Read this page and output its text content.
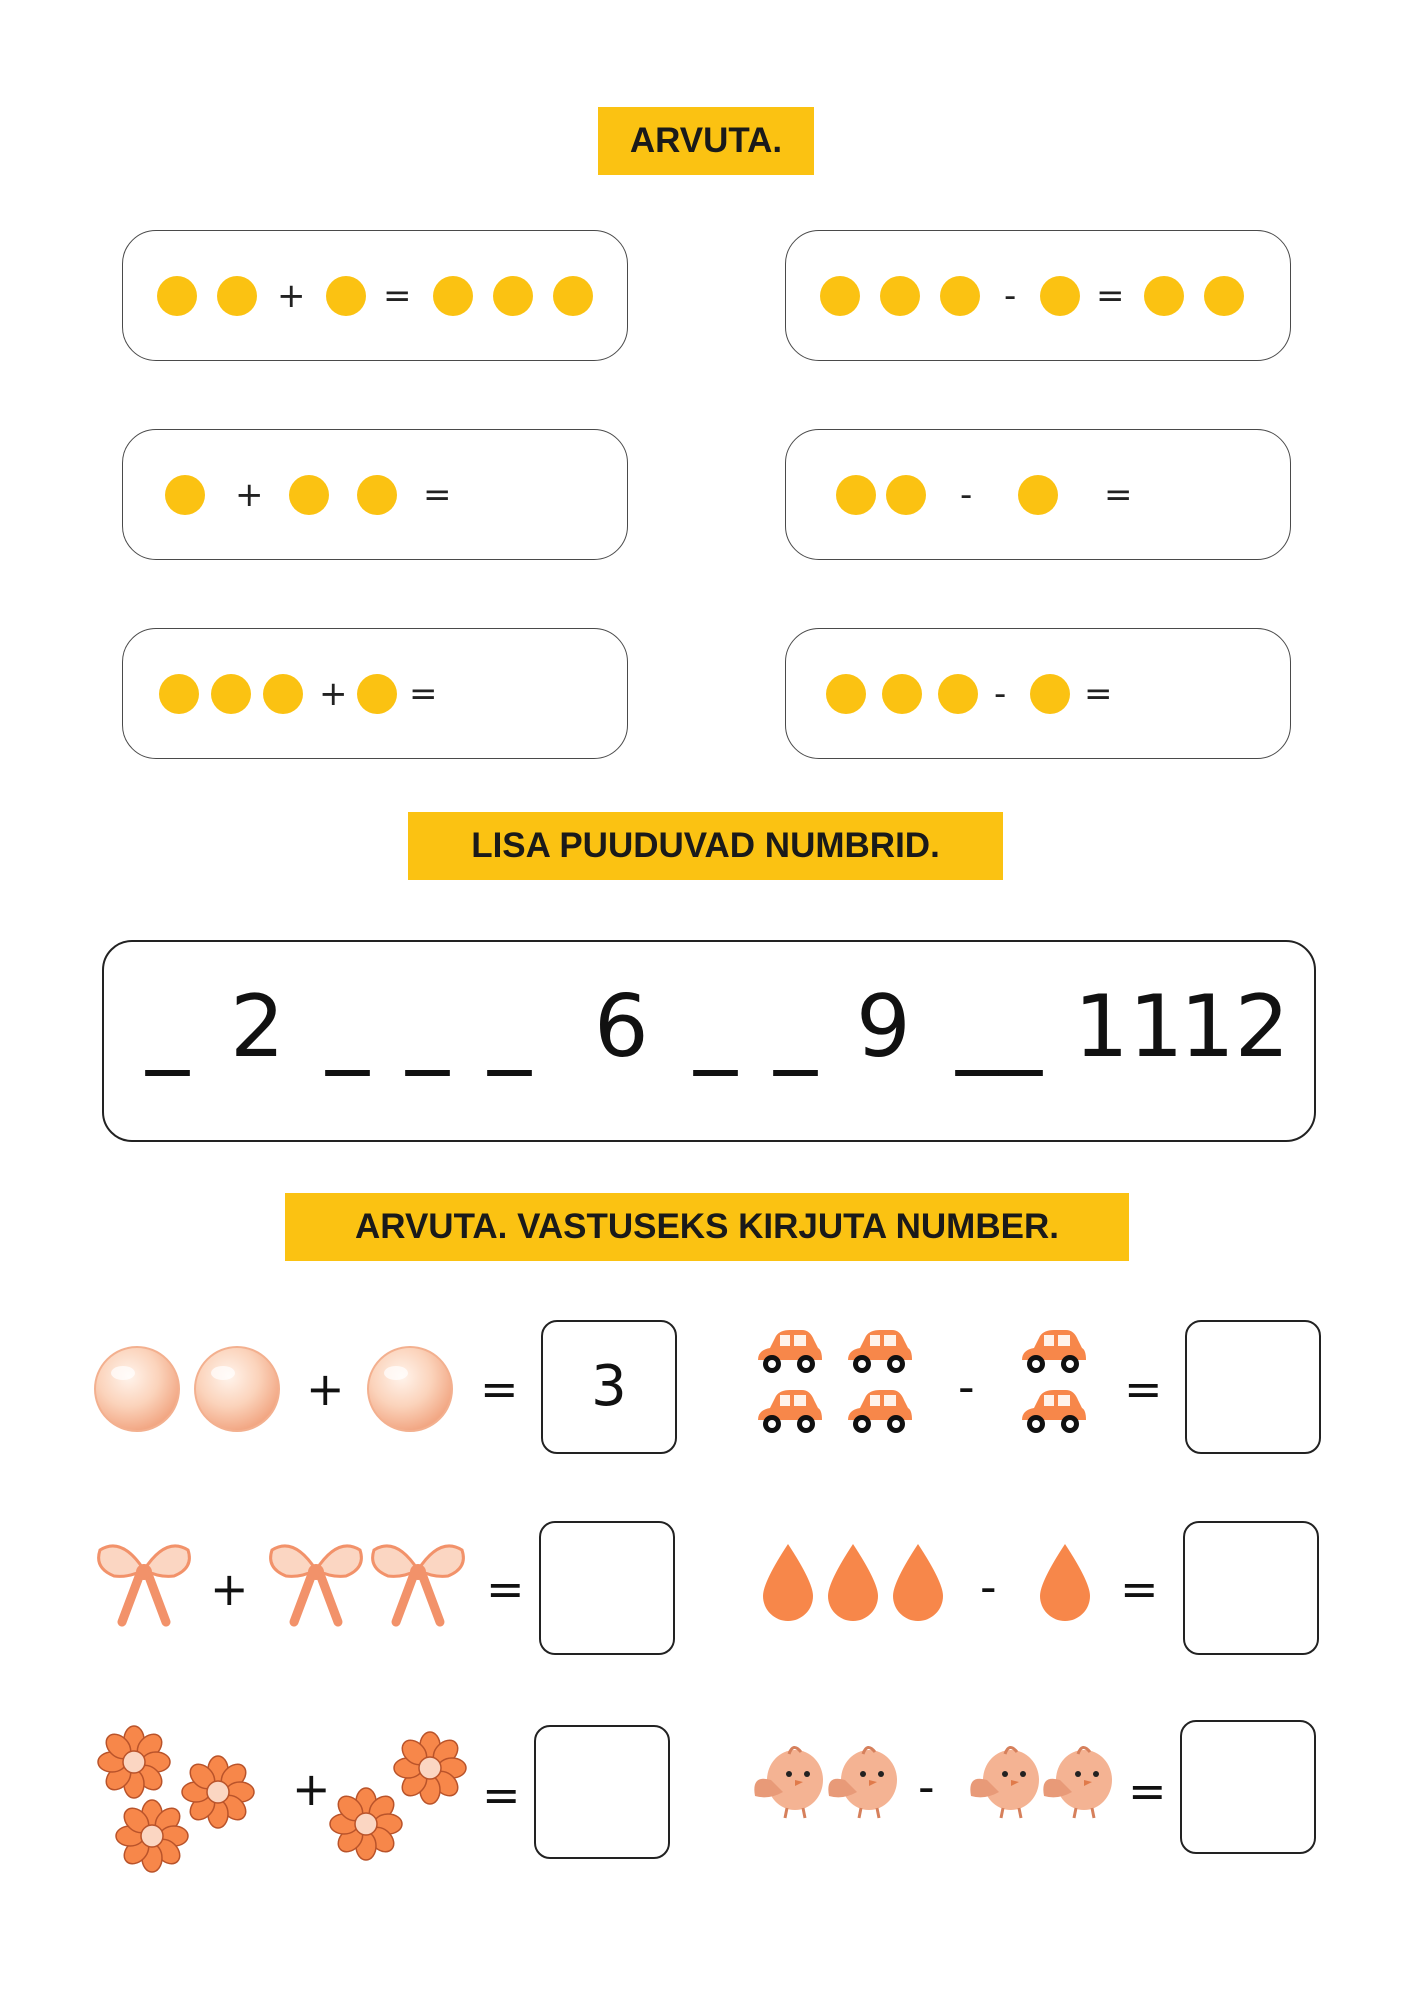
ARVUTA.
LISA PUUDUVAD NUMBRID.
ARVUTA. VASTUSEKS KIRJUTA NUMBER.
+ =	- =
+	=	-	=
+ =	- =
_ 2 _ _ _ 6 _ _ 9 __ 11
12
+	=	3	-	=
+	=	-	=
+	=	-	=
